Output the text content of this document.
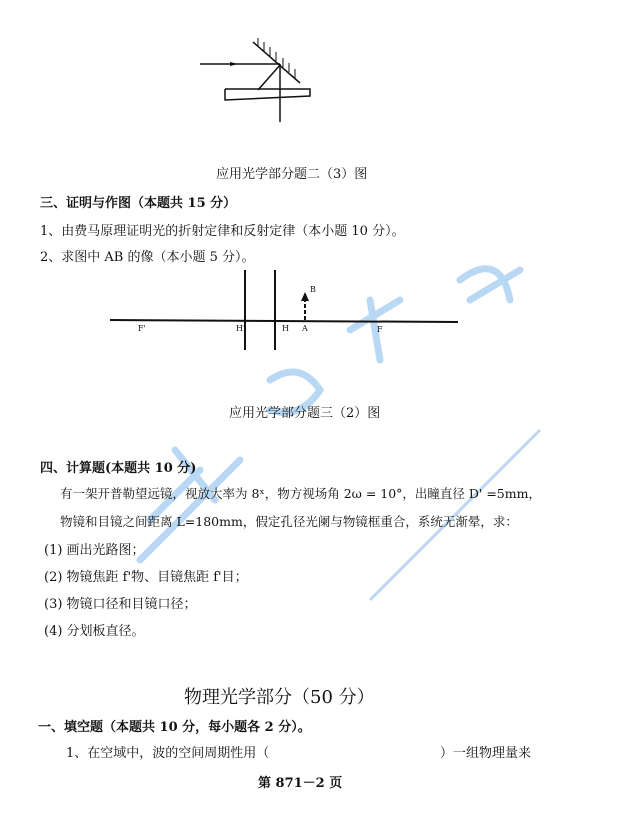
应用光学部分题二（3）图
三、证明与作图（本题共 15 分）
1、由费马原理证明光的折射定律和反射定律（本小题 10 分）。
2、求图中 AB 的像（本小题 5 分）。
F'	H'	H A	F
B
应用光学部分题三（2）图
四、计算题(本题共 10 分)
有一架开普勒望远镜，视放大率为 8ˣ，物方视场角 2ω = 10°，出瞳直径 D' =5mm，
物镜和目镜之间距离 L=180mm，假定孔径光阑与物镜框重合，系统无渐晕，求：
(1) 画出光路图；
(2) 物镜焦距 f'物、目镜焦距 f'目；
(3) 物镜口径和目镜口径；
(4) 分划板直径。
物理光学部分（50 分）
一、填空题（本题共 10 分，每小题各 2 分）。
1、在空域中，波的空间周期性用（	）一组物理量来
第 871－2 页
